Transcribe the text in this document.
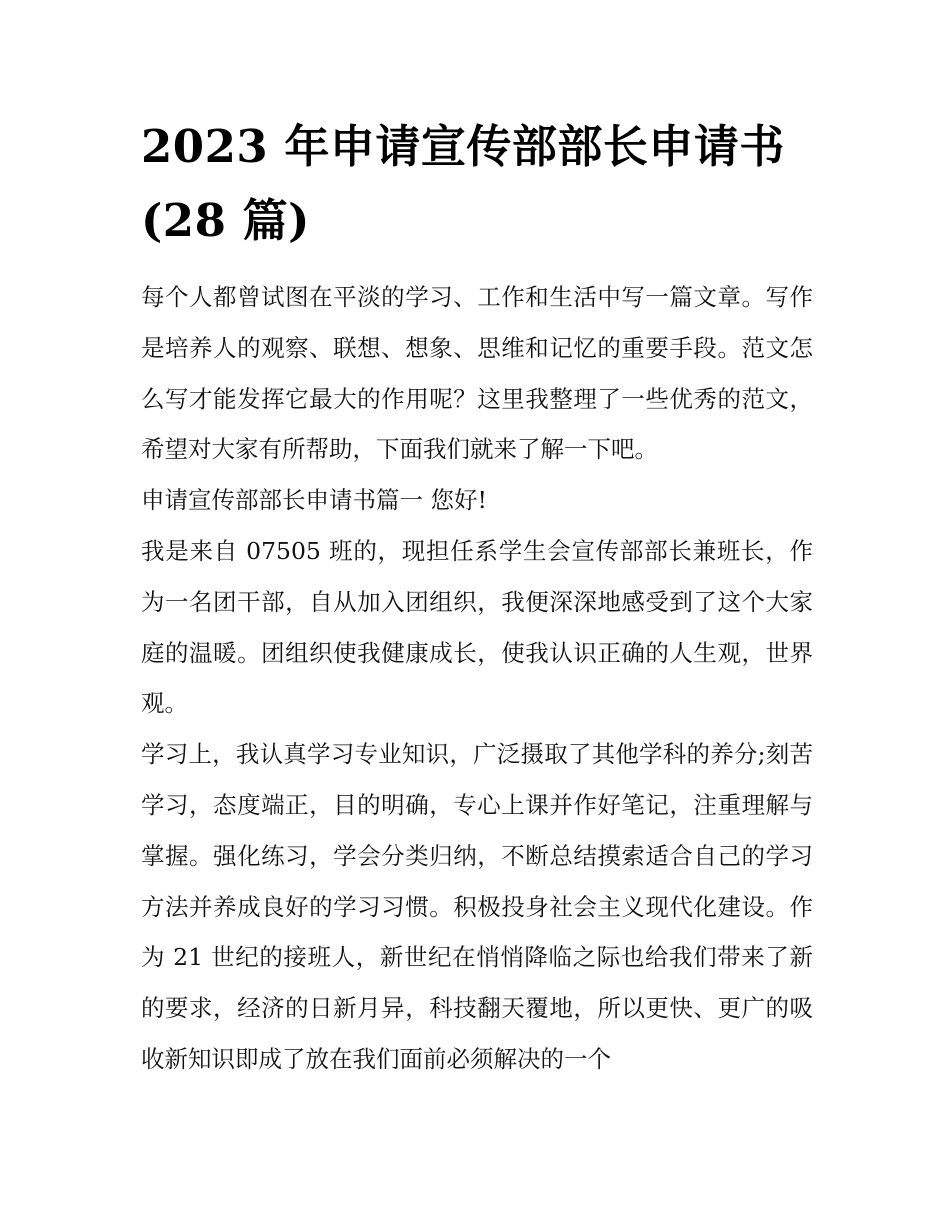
2023 年申请宣传部部长申请书 (28 篇)

每个人都曾试图在平淡的学习、工作和生活中写一篇文章。写作是培养人的观察、联想、想象、思维和记忆的重要手段。范文怎么写才能发挥它最大的作用呢？这里我整理了一些优秀的范文，希望对大家有所帮助，下面我们就来了解一下吧。

申请宣传部部长申请书篇一 您好!

我是来自 07505 班的，现担任系学生会宣传部部长兼班长，作为一名团干部，自从加入团组织，我便深深地感受到了这个大家庭的温暖。团组织使我健康成长，使我认识正确的人生观，世界观。

学习上，我认真学习专业知识，广泛摄取了其他学科的养分;刻苦学习，态度端正，目的明确，专心上课并作好笔记，注重理解与掌握。强化练习，学会分类归纳，不断总结摸索适合自己的学习方法并养成良好的学习习惯。积极投身社会主义现代化建设。作为 21 世纪的接班人，新世纪在悄悄降临之际也给我们带来了新的要求，经济的日新月异，科技翻天覆地，所以更快、更广的吸收新知识即成了放在我们面前必须解决的一个
